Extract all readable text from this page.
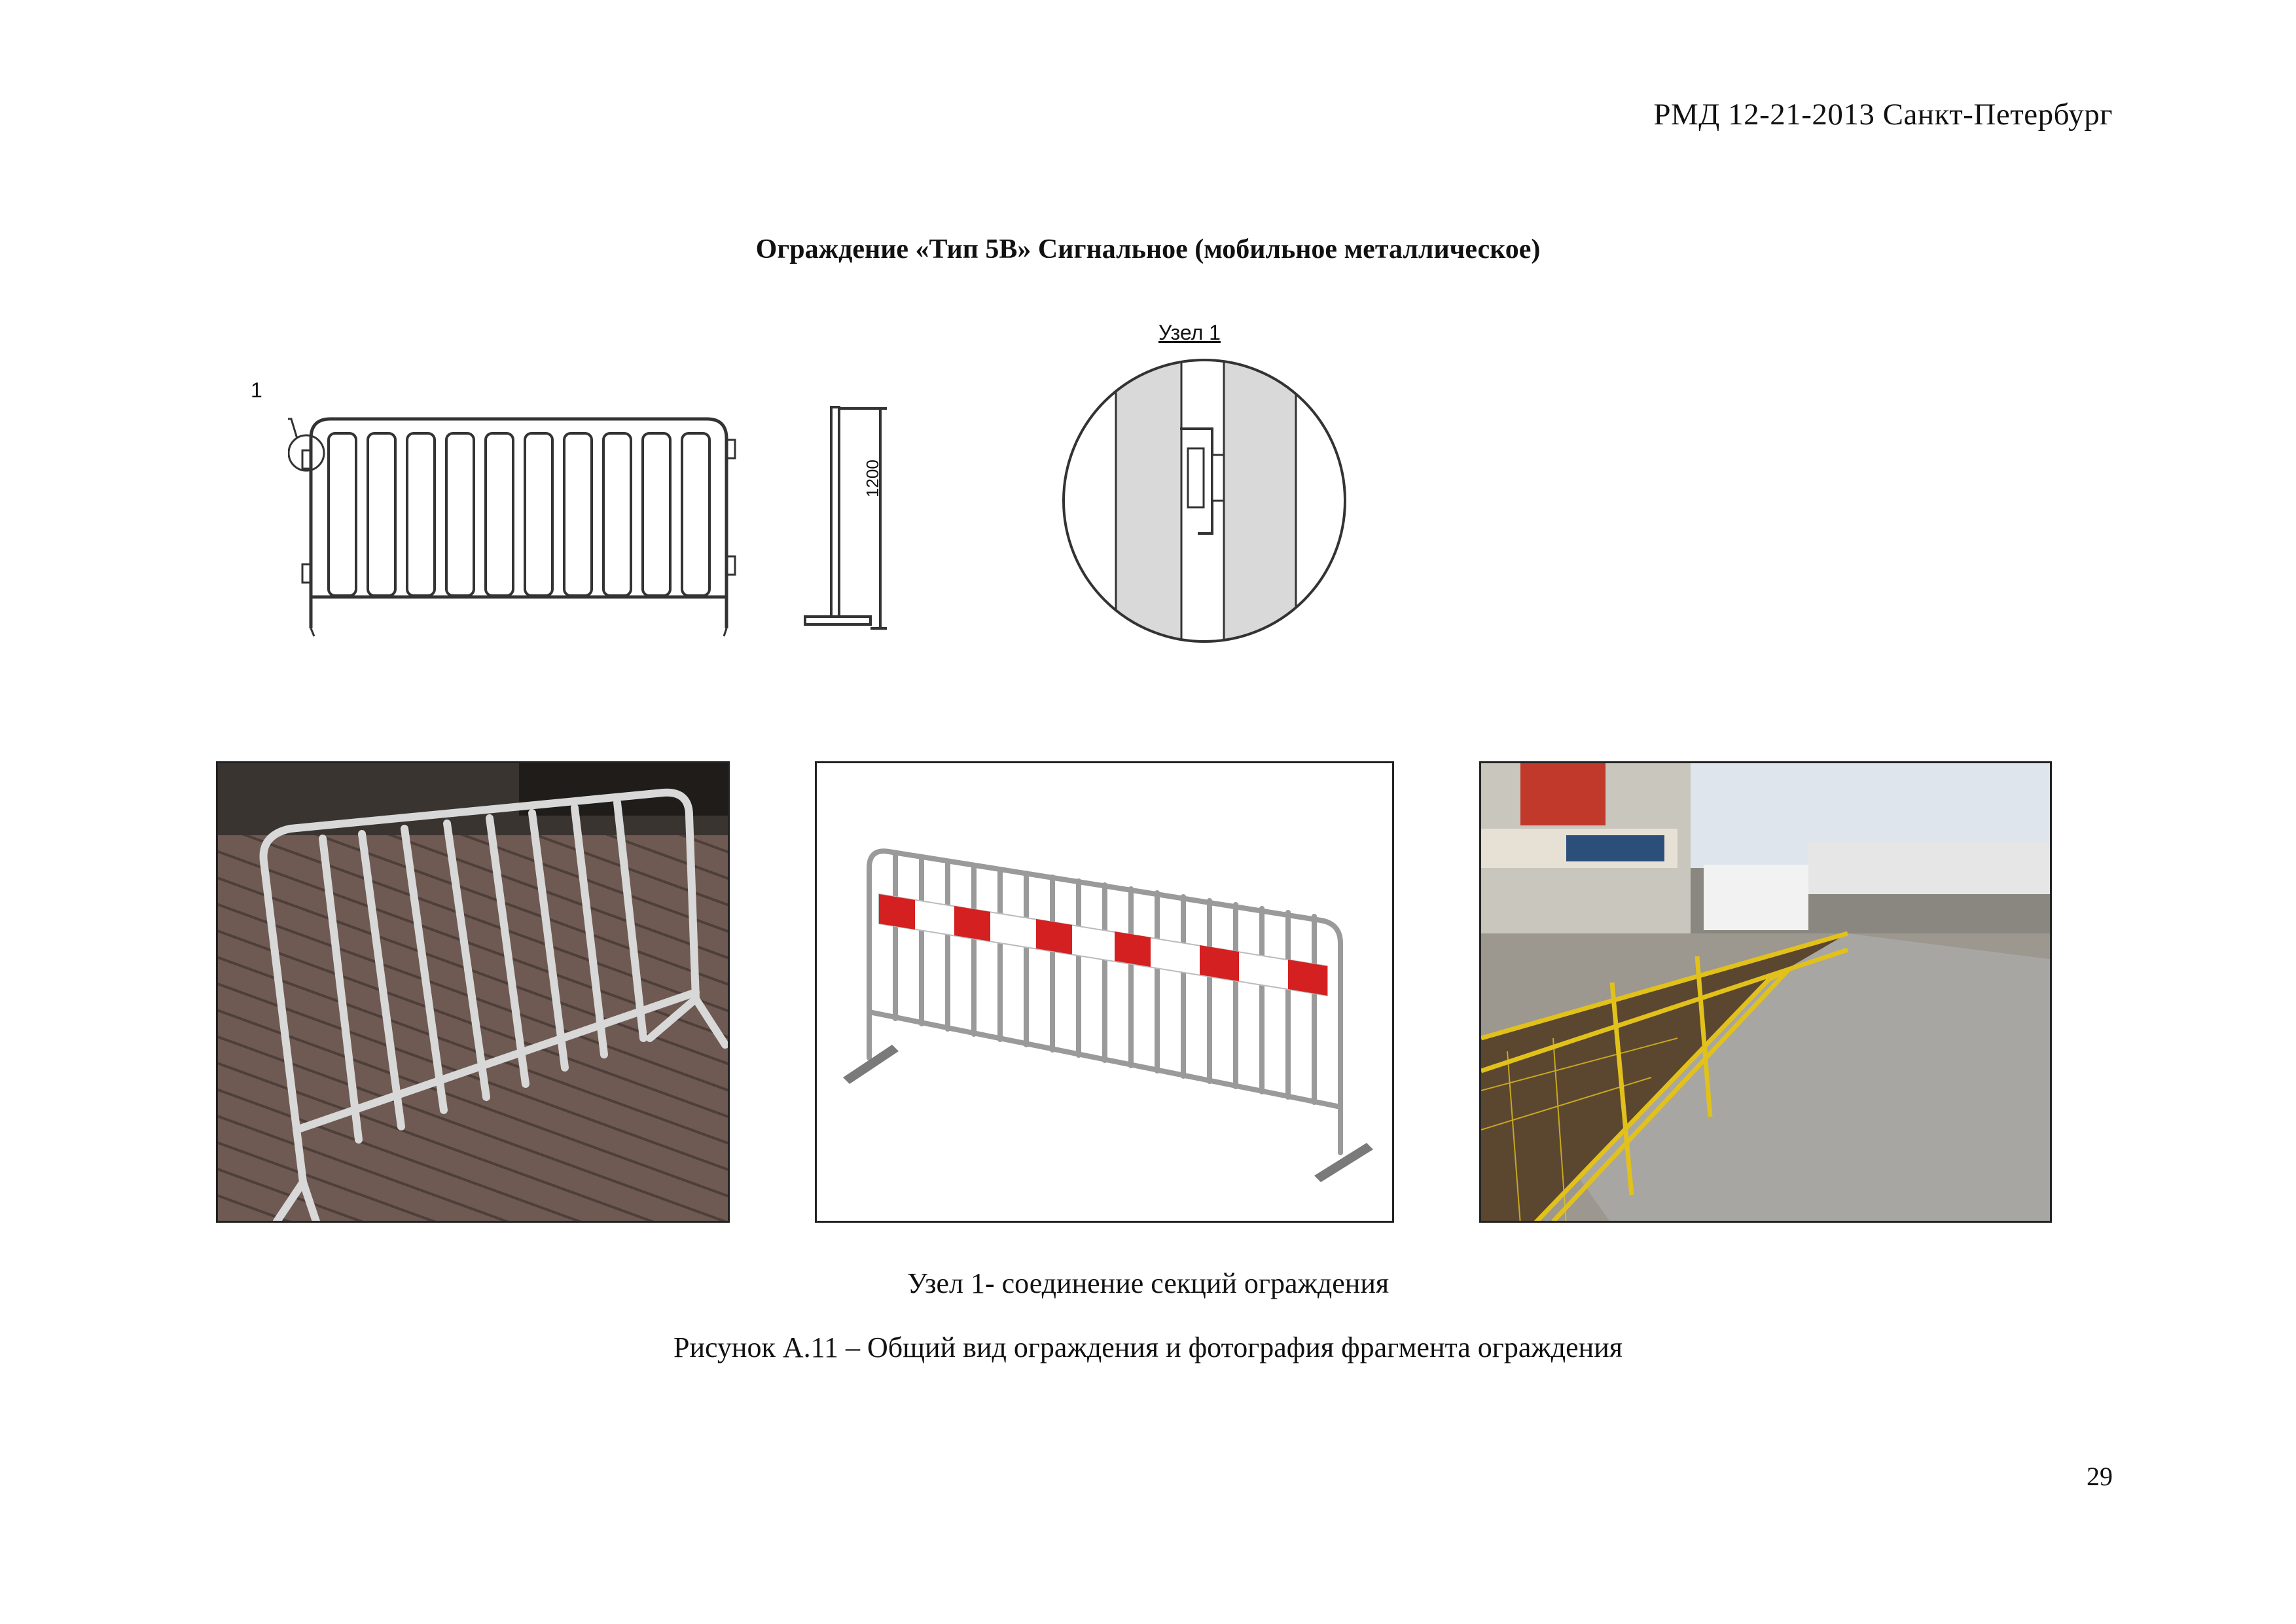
РМД 12-21-2013 Санкт-Петербург
Ограждение «Тип 5В» Сигнальное (мобильное металлическое)
1
1200
Узел 1
Узел 1- соединение секций ограждения
Рисунок А.11 – Общий вид ограждения и фотография фрагмента ограждения
29
